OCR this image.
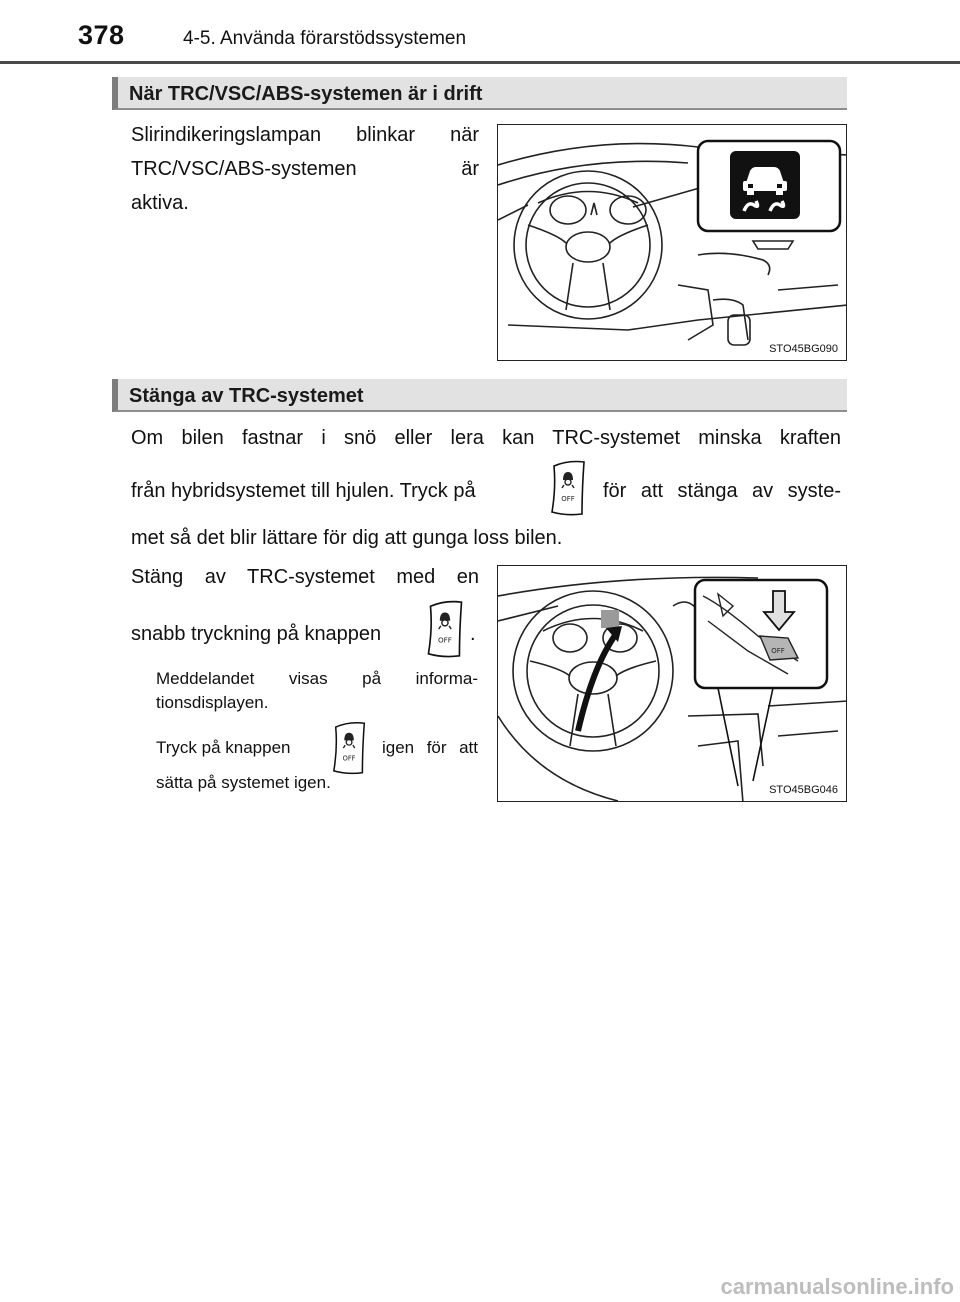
378	4-5. Använda förarstödssystemen
När TRC/VSC/ABS-systemen är i drift
Slirindikeringslampan blinkar när
TRC/VSC/ABS-systemen är
aktiva.
STO45BG090
Stänga av TRC-systemet
Om bilen fastnar i snö eller lera kan TRC-systemet minska kraften
från hybridsystemet till hjulen. Tryck på	OFF för att stänga av syste-
met så det blir lättare för dig att gunga loss bilen.
Stäng av TRC-systemet med en
snabb tryckning på knappen	OFF .
Meddelandet visas på informa-
tionsdisplayen.
Tryck på knappen
OFF
igen för att
sätta på systemet igen.
OFF
STO45BG046
carmanualsonline.info
